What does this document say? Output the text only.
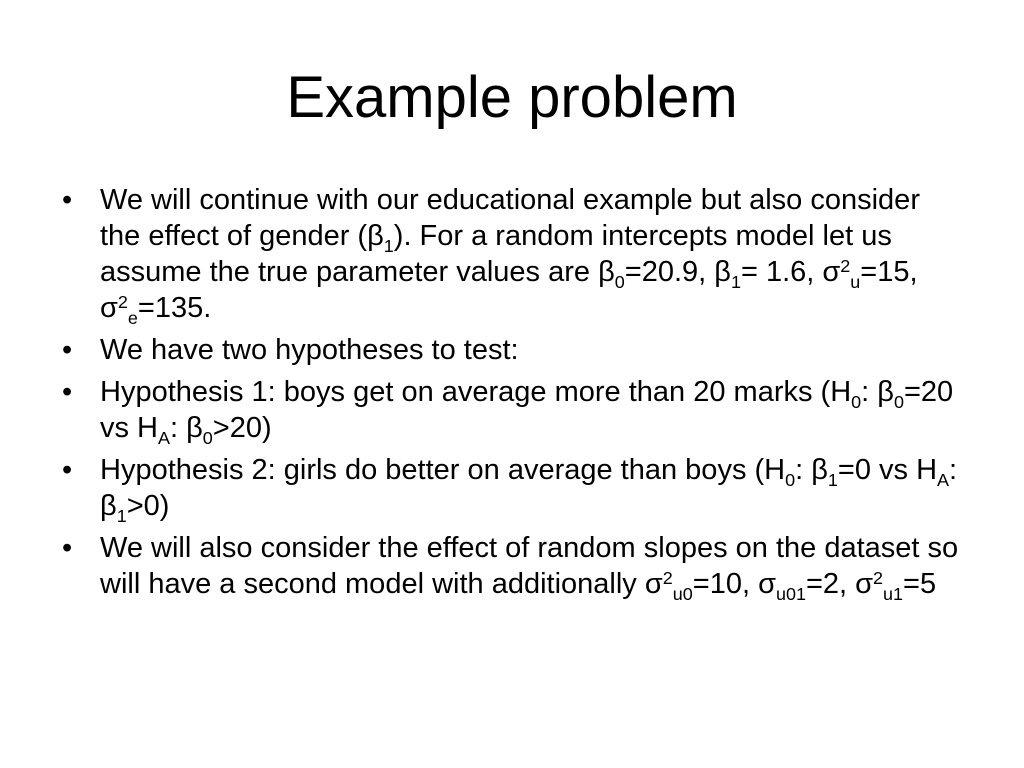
Example problem
• We will continue with our educational example but also consider the effect of gender $(\beta_1)$. For a random intercepts model let us assume the true parameter values are $\beta_0=20.9$, $\beta_1= 1.6$, $\sigma^2_u=15$, $\sigma^2_e=135$.
• We have two hypotheses to test:
• Hypothesis 1: boys get on average more than 20 marks ($H_0$: $\beta_0=20$ vs $H_A$: $\beta_0>20$)
• Hypothesis 2: girls do better on average than boys ($H_0$: $\beta_1=0$ vs $H_A$: $\beta_1>0$)
• We will also consider the effect of random slopes on the dataset so will have a second model with additionally $\sigma^2_{u0}=10$, $\sigma_{u01}=2$, $\sigma^2_{u1}=5$
